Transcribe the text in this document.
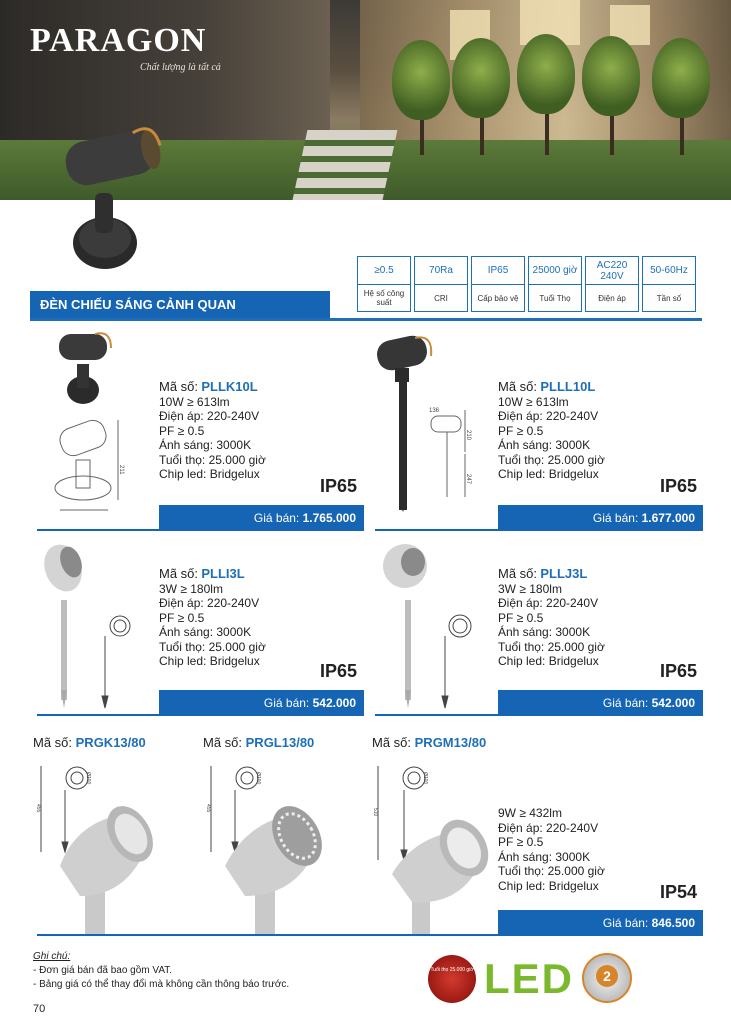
PARAGON
Chất lượng là tất cả
≥0.5
Hệ số công suất
70Ra
CRI
IP65
Cấp bảo vệ
25000 giờ
Tuổi Thọ
AC220 240V
Điện áp
50-60Hz
Tần số
ĐÈN CHIẾU SÁNG CẢNH QUAN
211
Mã số: PLLK10L
10W ≥ 613lm
Điện áp: 220-240V
PF ≥ 0.5
Ánh sáng: 3000K
Tuổi thọ: 25.000 giờ
Chip led: Bridgelux
IP65
Giá bán: 1.765.000
136
210
247
Mã số: PLLL10L
10W ≥ 613lm
Điện áp: 220-240V
PF ≥ 0.5
Ánh sáng: 3000K
Tuổi thọ: 25.000 giờ
Chip led: Bridgelux
IP65
Giá bán: 1.677.000
Mã số: PLLI3L
3W ≥ 180lm
Điện áp: 220-240V
PF ≥ 0.5
Ánh sáng: 3000K
Tuổi thọ: 25.000 giờ
Chip led: Bridgelux	IP65
Giá bán: 542.000
Mã số: PLLJ3L
3W ≥ 180lm
Điện áp: 220-240V
PF ≥ 0.5
Ánh sáng: 3000K
Tuổi thọ: 25.000 giờ
Chip led: Bridgelux	IP65
Giá bán: 542.000
Mã số: PRGK13/80	Mã số: PRGL13/80	Mã số: PRGM13/80
Ø100
455
Ø100
455
Ø100
510	9W ≥ 432lm
Điện áp: 220-240V
PF ≥ 0.5
Ánh sáng: 3000K
Tuổi thọ: 25.000 giờ
Chip led: Bridgelux	IP54
Giá bán: 846.500
Ghi chú:
- Đơn giá bán đã bao gồm VAT.
- Bảng giá có thể thay đổi mà không cần thông báo trước.
70
Tuổi thọ 25.000 giờ LED	2
